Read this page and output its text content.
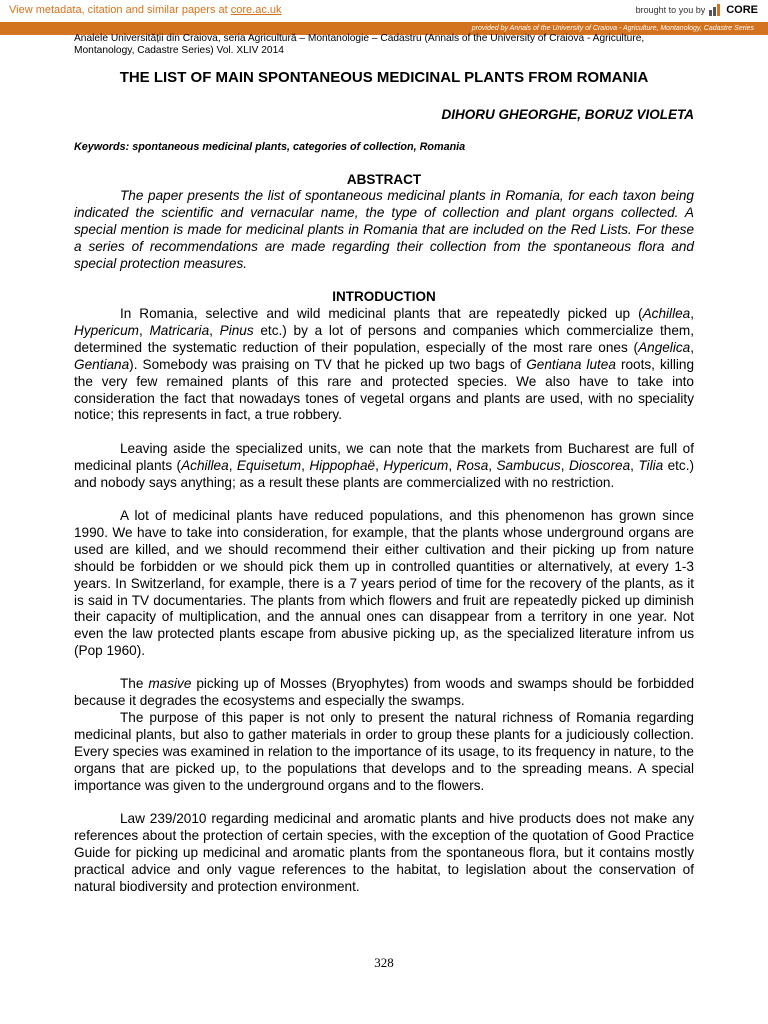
View metadata, citation and similar papers at core.ac.uk	brought to you by CORE
provided by Annals of the University of Craiova - Agriculture, Montanology, Cadastre Series
Analele Universității din Craiova, seria Agricultură – Montanologie – Cadastru (Annals of the University of Craiova - Agriculture, Montanology, Cadastre Series) Vol. XLIV 2014
THE LIST OF MAIN SPONTANEOUS MEDICINAL PLANTS FROM ROMANIA
DIHORU GHEORGHE, BORUZ VIOLETA
Keywords: spontaneous medicinal plants, categories of collection, Romania
ABSTRACT

The paper presents the list of spontaneous medicinal plants in Romania, for each taxon being indicated the scientific and vernacular name, the type of collection and plant organs collected. A special mention is made for medicinal plants in Romania that are included on the Red Lists. For these a series of recommendations are made regarding their collection from the spontaneous flora and special protection measures.

INTRODUCTION

In Romania, selective and wild medicinal plants that are repeatedly picked up (Achillea, Hypericum, Matricaria, Pinus etc.) by a lot of persons and companies which commercialize them, determined the systematic reduction of their population, especially of the most rare ones (Angelica, Gentiana). Somebody was praising on TV that he picked up two bags of Gentiana lutea roots, killing the very few remained plants of this rare and protected species. We also have to take into consideration the fact that nowadays tones of vegetal organs and plants are used, with no speciality notice; this represents in fact, a true robbery.

Leaving aside the specialized units, we can note that the markets from Bucharest are full of medicinal plants (Achillea, Equisetum, Hippophaë, Hypericum, Rosa, Sambucus, Dioscorea, Tilia etc.) and nobody says anything; as a result these plants are commercialized with no restriction.

A lot of medicinal plants have reduced populations, and this phenomenon has grown since 1990. We have to take into consideration, for example, that the plants whose underground organs are used are killed, and we should recommend their either cultivation and their picking up from nature should be forbidden or we should pick them up in controlled quantities or alternatively, at every 1-3 years. In Switzerland, for example, there is a 7 years period of time for the recovery of the plants, as it is said in TV documentaries. The plants from which flowers and fruit are repeatedly picked up diminish their capacity of multiplication, and the annual ones can disappear from a territory in one year. Not even the law protected plants escape from abusive picking up, as the specialized literature infrom us (Pop 1960).

The masive picking up of Mosses (Bryophytes) from woods and swamps should be forbidded because it degrades the ecosystems and especially the swamps.

The purpose of this paper is not only to present the natural richness of Romania regarding medicinal plants, but also to gather materials in order to group these plants for a judiciously collection. Every species was examined in relation to the importance of its usage, to its frequency in nature, to the organs that are picked up, to the populations that develops and to the spreading means. A special importance was given to the underground organs and to the flowers.

Law 239/2010 regarding medicinal and aromatic plants and hive products does not make any references about the protection of certain species, with the exception of the quotation of Good Practice Guide for picking up medicinal and aromatic plants from the spontaneous flora, but it contains mostly practical advice and only vague references to the habitat, to legislation about the conservation of natural biodiversity and protection environment.

328
